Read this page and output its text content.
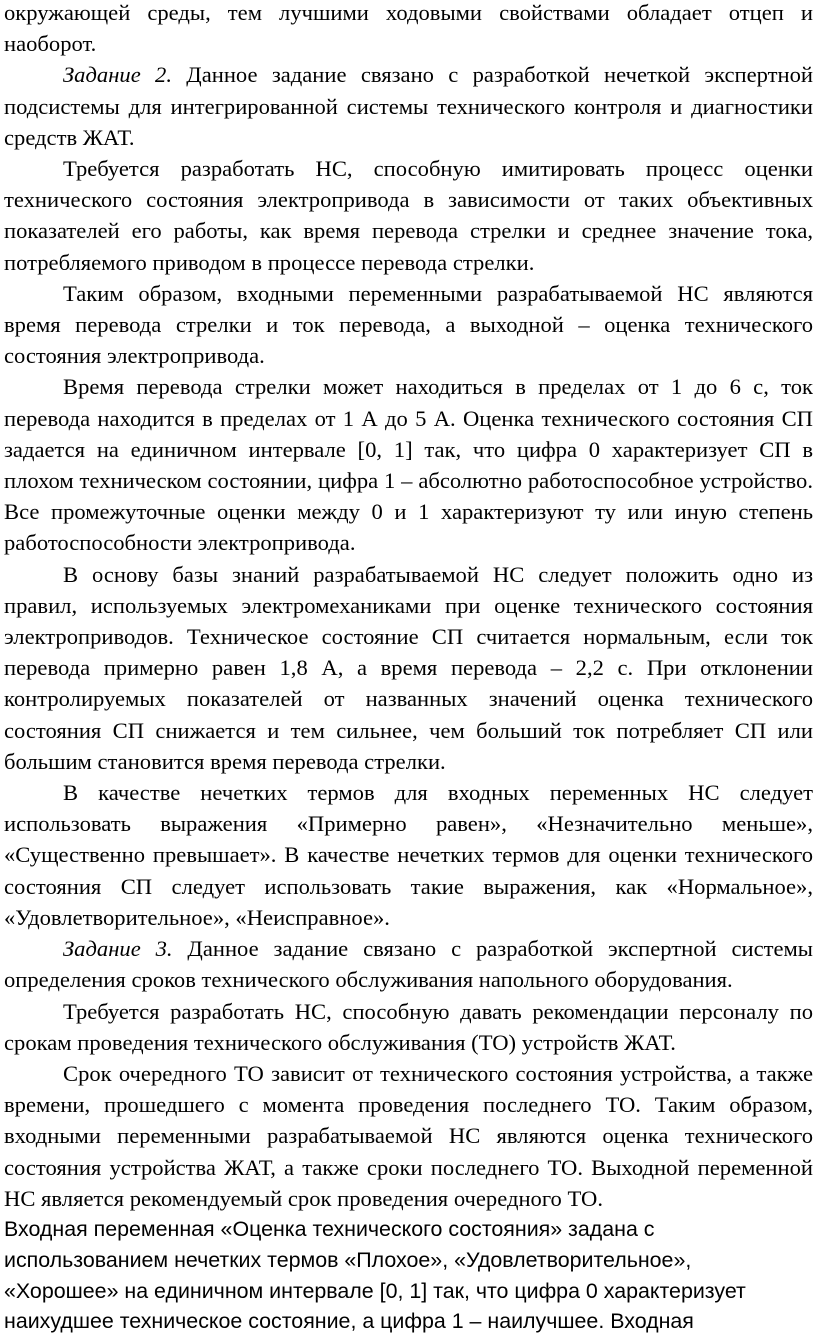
окружающей среды, тем лучшими ходовыми свойствами обладает отцеп и наоборот.

Задание 2. Данное задание связано с разработкой нечеткой экспертной подсистемы для интегрированной системы технического контроля и диагностики средств ЖАТ.

Требуется разработать НС, способную имитировать процесс оценки технического состояния электропривода в зависимости от таких объективных показателей его работы, как время перевода стрелки и среднее значение тока, потребляемого приводом в процессе перевода стрелки.

Таким образом, входными переменными разрабатываемой НС являются время перевода стрелки и ток перевода, а выходной – оценка технического состояния электропривода.

Время перевода стрелки может находиться в пределах от 1 до 6 с, ток перевода находится в пределах от 1 А до 5 А. Оценка технического состояния СП задается на единичном интервале [0, 1] так, что цифра 0 характеризует СП в плохом техническом состоянии, цифра 1 – абсолютно работоспособное устройство. Все промежуточные оценки между 0 и 1 характеризуют ту или иную степень работоспособности электропривода.

В основу базы знаний разрабатываемой НС следует положить одно из правил, используемых электромеханиками при оценке технического состояния электроприводов. Техническое состояние СП считается нормальным, если ток перевода примерно равен 1,8 А, а время перевода – 2,2 с. При отклонении контролируемых показателей от названных значений оценка технического состояния СП снижается и тем сильнее, чем больший ток потребляет СП или большим становится время перевода стрелки.

В качестве нечетких термов для входных переменных НС следует использовать выражения «Примерно равен», «Незначительно меньше», «Существенно превышает». В качестве нечетких термов для оценки технического состояния СП следует использовать такие выражения, как «Нормальное», «Удовлетворительное», «Неисправное».

Задание 3. Данное задание связано с разработкой экспертной системы определения сроков технического обслуживания напольного оборудования.

Требуется разработать НС, способную давать рекомендации персоналу по срокам проведения технического обслуживания (ТО) устройств ЖАТ.

Срок очередного ТО зависит от технического состояния устройства, а также времени, прошедшего с момента проведения последнего ТО. Таким образом, входными переменными разрабатываемой НС являются оценка технического состояния устройства ЖАТ, а также сроки последнего ТО. Выходной переменной НС является рекомендуемый срок проведения очередного ТО.

Входная переменная «Оценка технического состояния» задана с

использованием нечетких термов «Плохое», «Удовлетворительное»,

«Хорошее» на единичном интервале [0, 1] так, что цифра 0 характеризует

наихудшее техническое состояние, а цифра 1 – наилучшее. Входная
